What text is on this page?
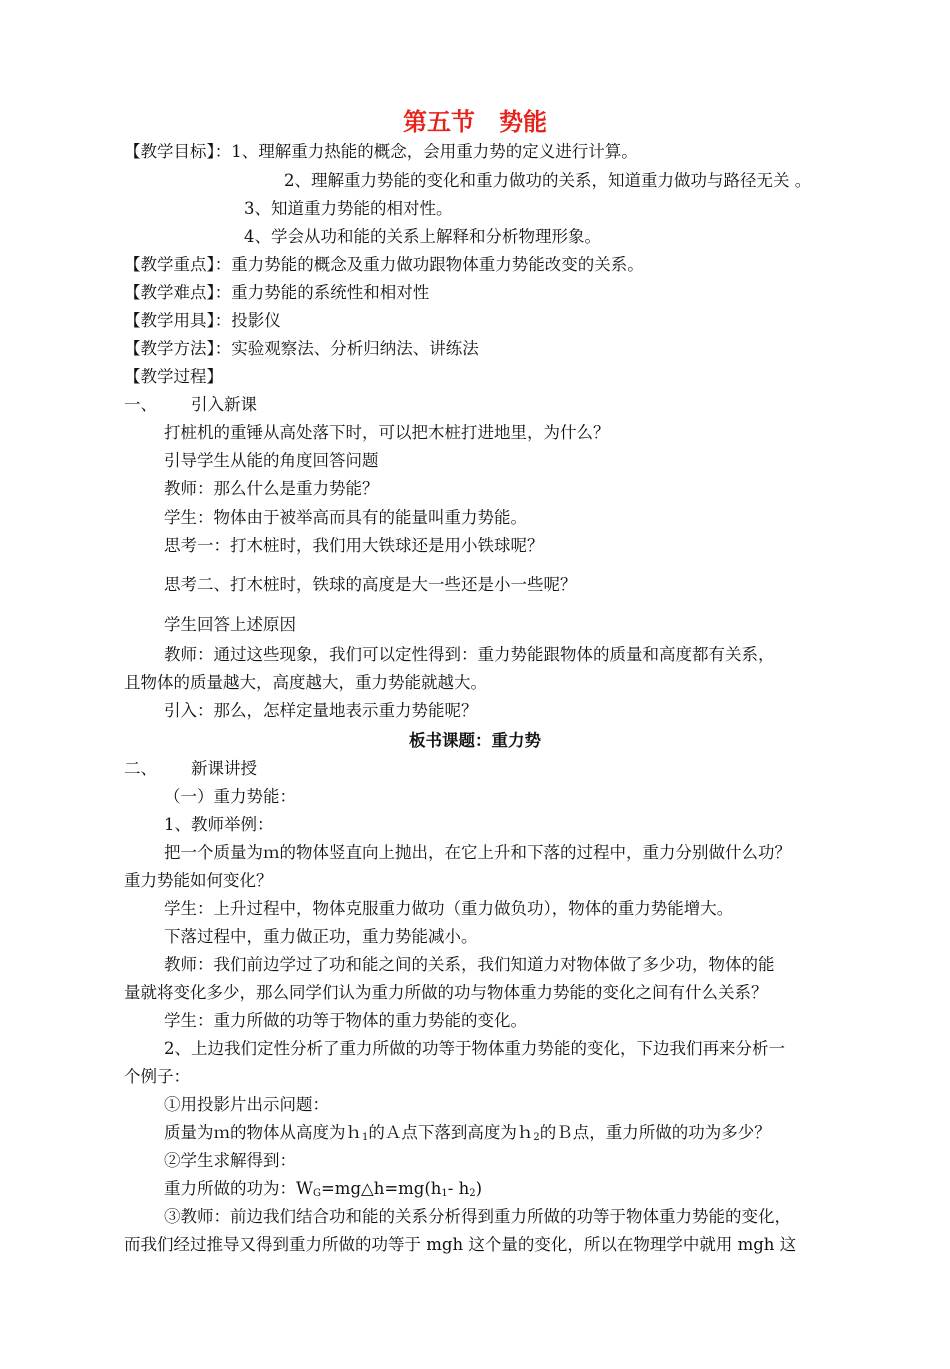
第五节　势能
【教学目标】：1、理解重力热能的概念，会用重力势的定义进行计算。
2、理解重力势能的变化和重力做功的关系，知道重力做功与路径无关 。
3、知道重力势能的相对性。
4、学会从功和能的关系上解释和分析物理形象。
【教学重点】：重力势能的概念及重力做功跟物体重力势能改变的关系。
【教学难点】：重力势能的系统性和相对性
【教学用具】：投影仪
【教学方法】：实验观察法、分析归纳法、讲练法
【教学过程】
一、 引入新课
打桩机的重锤从高处落下时，可以把木桩打进地里，为什么？
引导学生从能的角度回答问题
教师：那么什么是重力势能？
学生：物体由于被举高而具有的能量叫重力势能。
思考一：打木桩时，我们用大铁球还是用小铁球呢？
思考二、打木桩时，铁球的高度是大一些还是小一些呢？
学生回答上述原因
教师：通过这些现象，我们可以定性得到：重力势能跟物体的质量和高度都有关系，
且物体的质量越大，高度越大，重力势能就越大。
引入：那么，怎样定量地表示重力势能呢？
板书课题：重力势
二、 新课讲授
（一）重力势能：
1、教师举例：
把一个质量为ｍ的物体竖直向上抛出，在它上升和下落的过程中，重力分别做什么功？
重力势能如何变化？
学生：上升过程中，物体克服重力做功（重力做负功），物体的重力势能增大。
下落过程中，重力做正功，重力势能减小。
教师：我们前边学过了功和能之间的关系，我们知道力对物体做了多少功，物体的能
量就将变化多少，那么同学们认为重力所做的功与物体重力势能的变化之间有什么关系？
学生：重力所做的功等于物体的重力势能的变化。
2、上边我们定性分析了重力所做的功等于物体重力势能的变化，下边我们再来分析一
个例子：
①用投影片出示问题：
质量为ｍ的物体从高度为ｈ$_1$的Ａ点下落到高度为ｈ$_2$的Ｂ点，重力所做的功为多少？
②学生求解得到：
重力所做的功为：$W_G=mg\triangle h=mg(h_1-$ $h_2$)
③教师：前边我们结合功和能的关系分析得到重力所做的功等于物体重力势能的变化，
而我们经过推导又得到重力所做的功等于 mgh 这个量的变化，所以在物理学中就用 mgh 这
